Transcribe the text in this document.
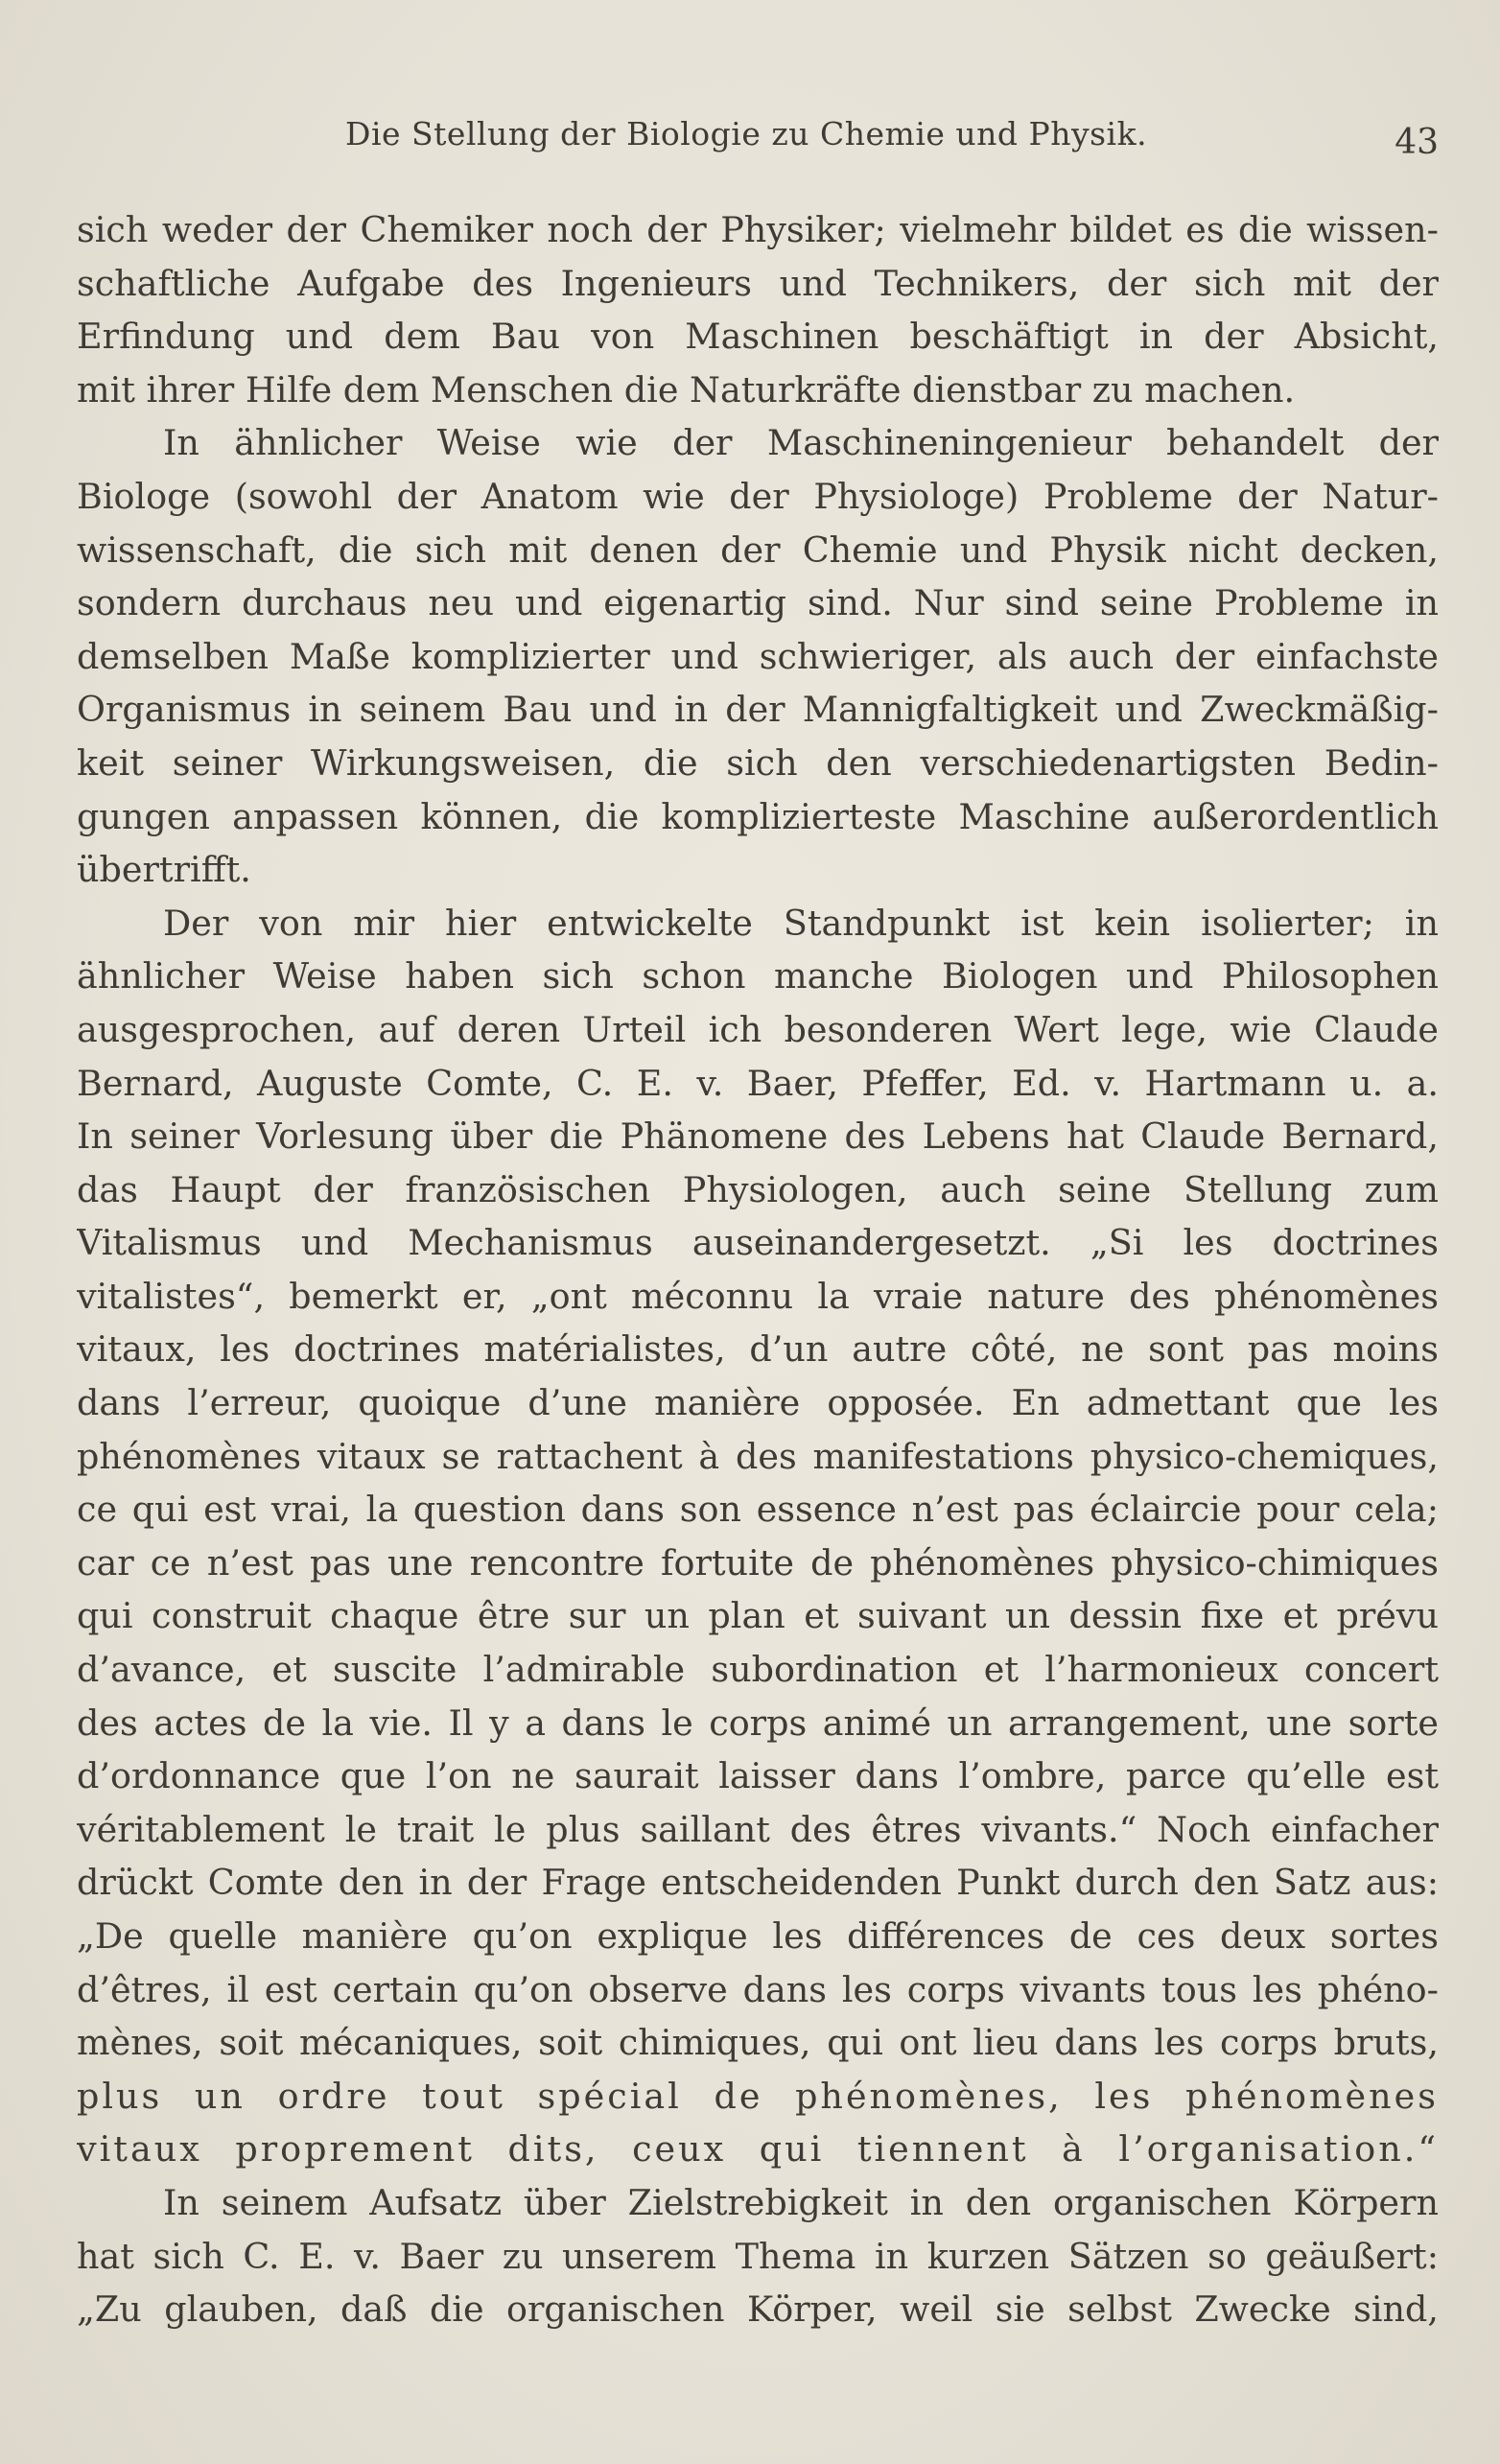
Die Stellung der Biologie zu Chemie und Physik.	43
sich weder der Chemiker noch der Physiker; vielmehr bildet es die wissen-
schaftliche Aufgabe des Ingenieurs und Technikers, der sich mit der
Erfindung und dem Bau von Maschinen beschäftigt in der Absicht,
mit ihrer Hilfe dem Menschen die Naturkräfte dienstbar zu machen.
In ähnlicher Weise wie der Maschineningenieur behandelt der
Biologe (sowohl der Anatom wie der Physiologe) Probleme der Natur-
wissenschaft, die sich mit denen der Chemie und Physik nicht decken,
sondern durchaus neu und eigenartig sind. Nur sind seine Probleme in
demselben Maße komplizierter und schwieriger, als auch der einfachste
Organismus in seinem Bau und in der Mannigfaltigkeit und Zweckmäßig-
keit seiner Wirkungsweisen, die sich den verschiedenartigsten Bedin-
gungen anpassen können, die komplizierteste Maschine außerordentlich
übertrifft.
Der von mir hier entwickelte Standpunkt ist kein isolierter; in
ähnlicher Weise haben sich schon manche Biologen und Philosophen
ausgesprochen, auf deren Urteil ich besonderen Wert lege, wie Claude
Bernard, Auguste Comte, C. E. v. Baer, Pfeffer, Ed. v. Hartmann u. a.
In seiner Vorlesung über die Phänomene des Lebens hat Claude Bernard,
das Haupt der französischen Physiologen, auch seine Stellung zum
Vitalismus und Mechanismus auseinandergesetzt. „Si les doctrines
vitalistes“, bemerkt er, „ont méconnu la vraie nature des phénomènes
vitaux, les doctrines matérialistes, d’un autre côté, ne sont pas moins
dans l’erreur, quoique d’une manière opposée. En admettant que les
phénomènes vitaux se rattachent à des manifestations physico-chemiques,
ce qui est vrai, la question dans son essence n’est pas éclaircie pour cela;
car ce n’est pas une rencontre fortuite de phénomènes physico-chimiques
qui construit chaque être sur un plan et suivant un dessin fixe et prévu
d’avance, et suscite l’admirable subordination et l’harmonieux concert
des actes de la vie. Il y a dans le corps animé un arrangement, une sorte
d’ordonnance que l’on ne saurait laisser dans l’ombre, parce qu’elle est
véritablement le trait le plus saillant des êtres vivants.“ Noch einfacher
drückt Comte den in der Frage entscheidenden Punkt durch den Satz aus:
„De quelle manière qu’on explique les différences de ces deux sortes
d’êtres, il est certain qu’on observe dans les corps vivants tous les phéno-
mènes, soit mécaniques, soit chimiques, qui ont lieu dans les corps bruts,
plus un ordre tout spécial de phénomènes, les phénomènes
vitaux proprement dits, ceux qui tiennent à l’organisation.“
In seinem Aufsatz über Zielstrebigkeit in den organischen Körpern
hat sich C. E. v. Baer zu unserem Thema in kurzen Sätzen so geäußert:
„Zu glauben, daß die organischen Körper, weil sie selbst Zwecke sind,
